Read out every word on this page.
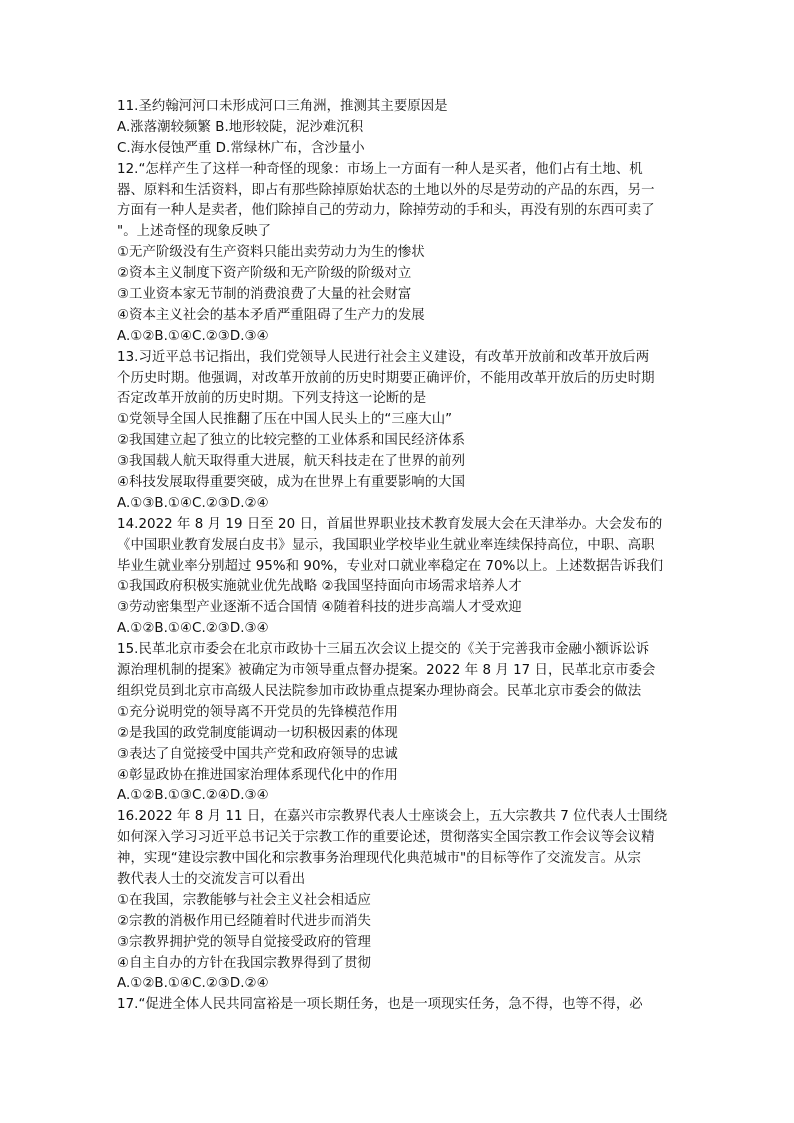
11.圣约翰河河口未形成河口三角洲，推测其主要原因是
A.涨落潮较频繁 B.地形较陡，泥沙难沉积
C.海水侵蚀严重 D.常绿林广布，含沙量小
12.“怎样产生了这样一种奇怪的现象：市场上一方面有一种人是买者，他们占有土地、机
器、原料和生活资料，即占有那些除掉原始状态的土地以外的尽是劳动的产品的东西，另一
方面有一种人是卖者，他们除掉自己的劳动力，除掉劳动的手和头，再没有别的东西可卖了
"。上述奇怪的现象反映了
①无产阶级没有生产资料只能出卖劳动力为生的惨状
②资本主义制度下资产阶级和无产阶级的阶级对立
③工业资本家无节制的消费浪费了大量的社会财富
④资本主义社会的基本矛盾严重阻碍了生产力的发展
A.①②B.①④C.②③D.③④
13.习近平总书记指出，我们党领导人民进行社会主义建设，有改革开放前和改革开放后两
个历史时期。他强调，对改革开放前的历史时期要正确评价，不能用改革开放后的历史时期
否定改革开放前的历史时期。下列支持这一论断的是
①党领导全国人民推翻了压在中国人民头上的“三座大山”
②我国建立起了独立的比较完整的工业体系和国民经济体系
③我国载人航天取得重大进展，航天科技走在了世界的前列
④科技发展取得重要突破，成为在世界上有重要影响的大国
A.①③B.①④C.②③D.②④
14.2022 年 8 月 19 日至 20 日，首届世界职业技术教育发展大会在天津举办。大会发布的
《中国职业教育发展白皮书》显示，我国职业学校毕业生就业率连续保持高位，中职、高职
毕业生就业率分别超过 95%和 90%，专业对口就业率稳定在 70%以上。上述数据告诉我们
①我国政府积极实施就业优先战略 ②我国坚持面向市场需求培养人才
③劳动密集型产业逐渐不适合国情 ④随着科技的进步高端人才受欢迎
A.①②B.①④C.②③D.③④
15.民革北京市委会在北京市政协十三届五次会议上提交的《关于完善我市金融小额诉讼诉
源治理机制的提案》被确定为市领导重点督办提案。2022 年 8 月 17 日，民革北京市委会
组织党员到北京市高级人民法院参加市政协重点提案办理协商会。民革北京市委会的做法
①充分说明党的领导离不开党员的先锋模范作用
②是我国的政党制度能调动一切积极因素的体现
③表达了自觉接受中国共产党和政府领导的忠诚
④彰显政协在推进国家治理体系现代化中的作用
A.①②B.①③C.②④D.③④
16.2022 年 8 月 11 日，在嘉兴市宗教界代表人士座谈会上，五大宗教共 7 位代表人士围绕
如何深入学习习近平总书记关于宗教工作的重要论述，贯彻落实全国宗教工作会议等会议精
神，实现“建设宗教中国化和宗教事务治理现代化典范城市"的目标等作了交流发言。从宗
教代表人士的交流发言可以看出
①在我国，宗教能够与社会主义社会相适应
②宗教的消极作用已经随着时代进步而消失
③宗教界拥护党的领导自觉接受政府的管理
④自主自办的方针在我国宗教界得到了贯彻
A.①②B.①④C.②③D.②④
17.“促进全体人民共同富裕是一项长期任务，也是一项现实任务，急不得，也等不得，必
